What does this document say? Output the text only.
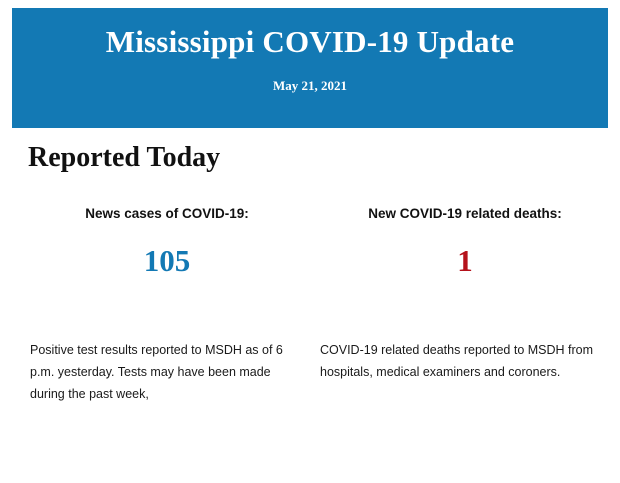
Mississippi COVID-19 Update
May 21, 2021
Reported Today
News cases of COVID-19:
105
New COVID-19 related deaths:
1
Positive test results reported to MSDH as of 6 p.m. yesterday. Tests may have been made during the past week,
COVID-19 related deaths reported to MSDH from hospitals, medical examiners and coroners.
